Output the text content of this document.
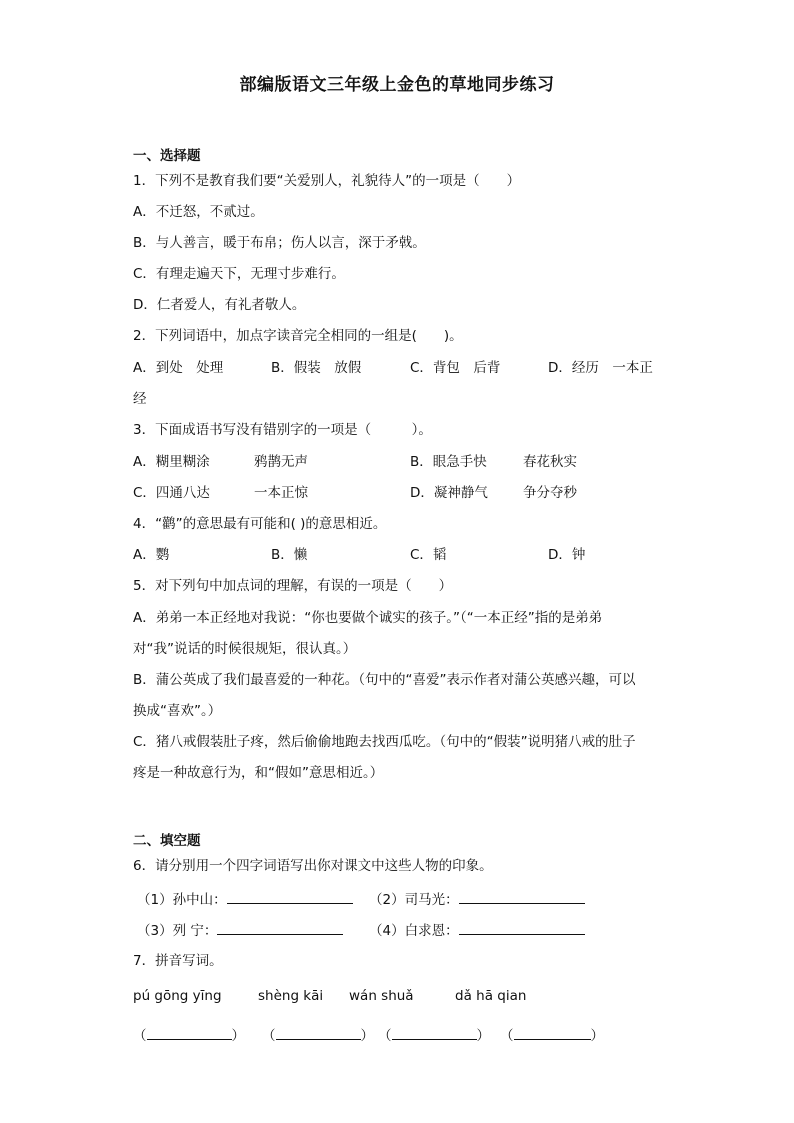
部编版语文三年级上金色的草地同步练习
一、选择题
1．下列不是教育我们要“关爱别人，礼貌待人”的一项是（　　）
A．不迁怒，不贰过。
B．与人善言，暖于布帛；伤人以言，深于矛戟。
C．有理走遍天下，无理寸步难行。
D．仁者爱人，有礼者敬人。
2．下列词语中，加点字读音完全相同的一组是(　　)。
A．到处　处理	B．假装　放假	C．背包　后背	D．经历　一本正
经
3．下面成语书写没有错别字的一项是（　　　）。
A．糊里糊涂	鸦鹊无声	B．眼急手快	春花秋实
C．四通八达	一本正惊	D．凝神静气	争分夺秒
4．“鹳”的意思最有可能和( )的意思相近。
A．鹦	B．懒	C．韬	D．钟
5．对下列句中加点词的理解，有误的一项是（　　）
A．弟弟一本正经地对我说：“你也要做个诚实的孩子。”（“一本正经”指的是弟弟
对“我”说话的时候很规矩，很认真。）
B．蒲公英成了我们最喜爱的一种花。（句中的“喜爱”表示作者对蒲公英感兴趣，可以
换成“喜欢”。）
C．猪八戒假装肚子疼，然后偷偷地跑去找西瓜吃。（句中的“假装”说明猪八戒的肚子
疼是一种故意行为，和“假如”意思相近。）
二、填空题
6．请分别用一个四字词语写出你对课文中这些人物的印象。
（1）孙中山：	（2）司马光：
（3）列 宁：	（4）白求恩：
7．拼音写词。
pú gōng yīng	shèng kāi wán shuǎ	dǎ hā qian
（	） （	） （	） （	）
